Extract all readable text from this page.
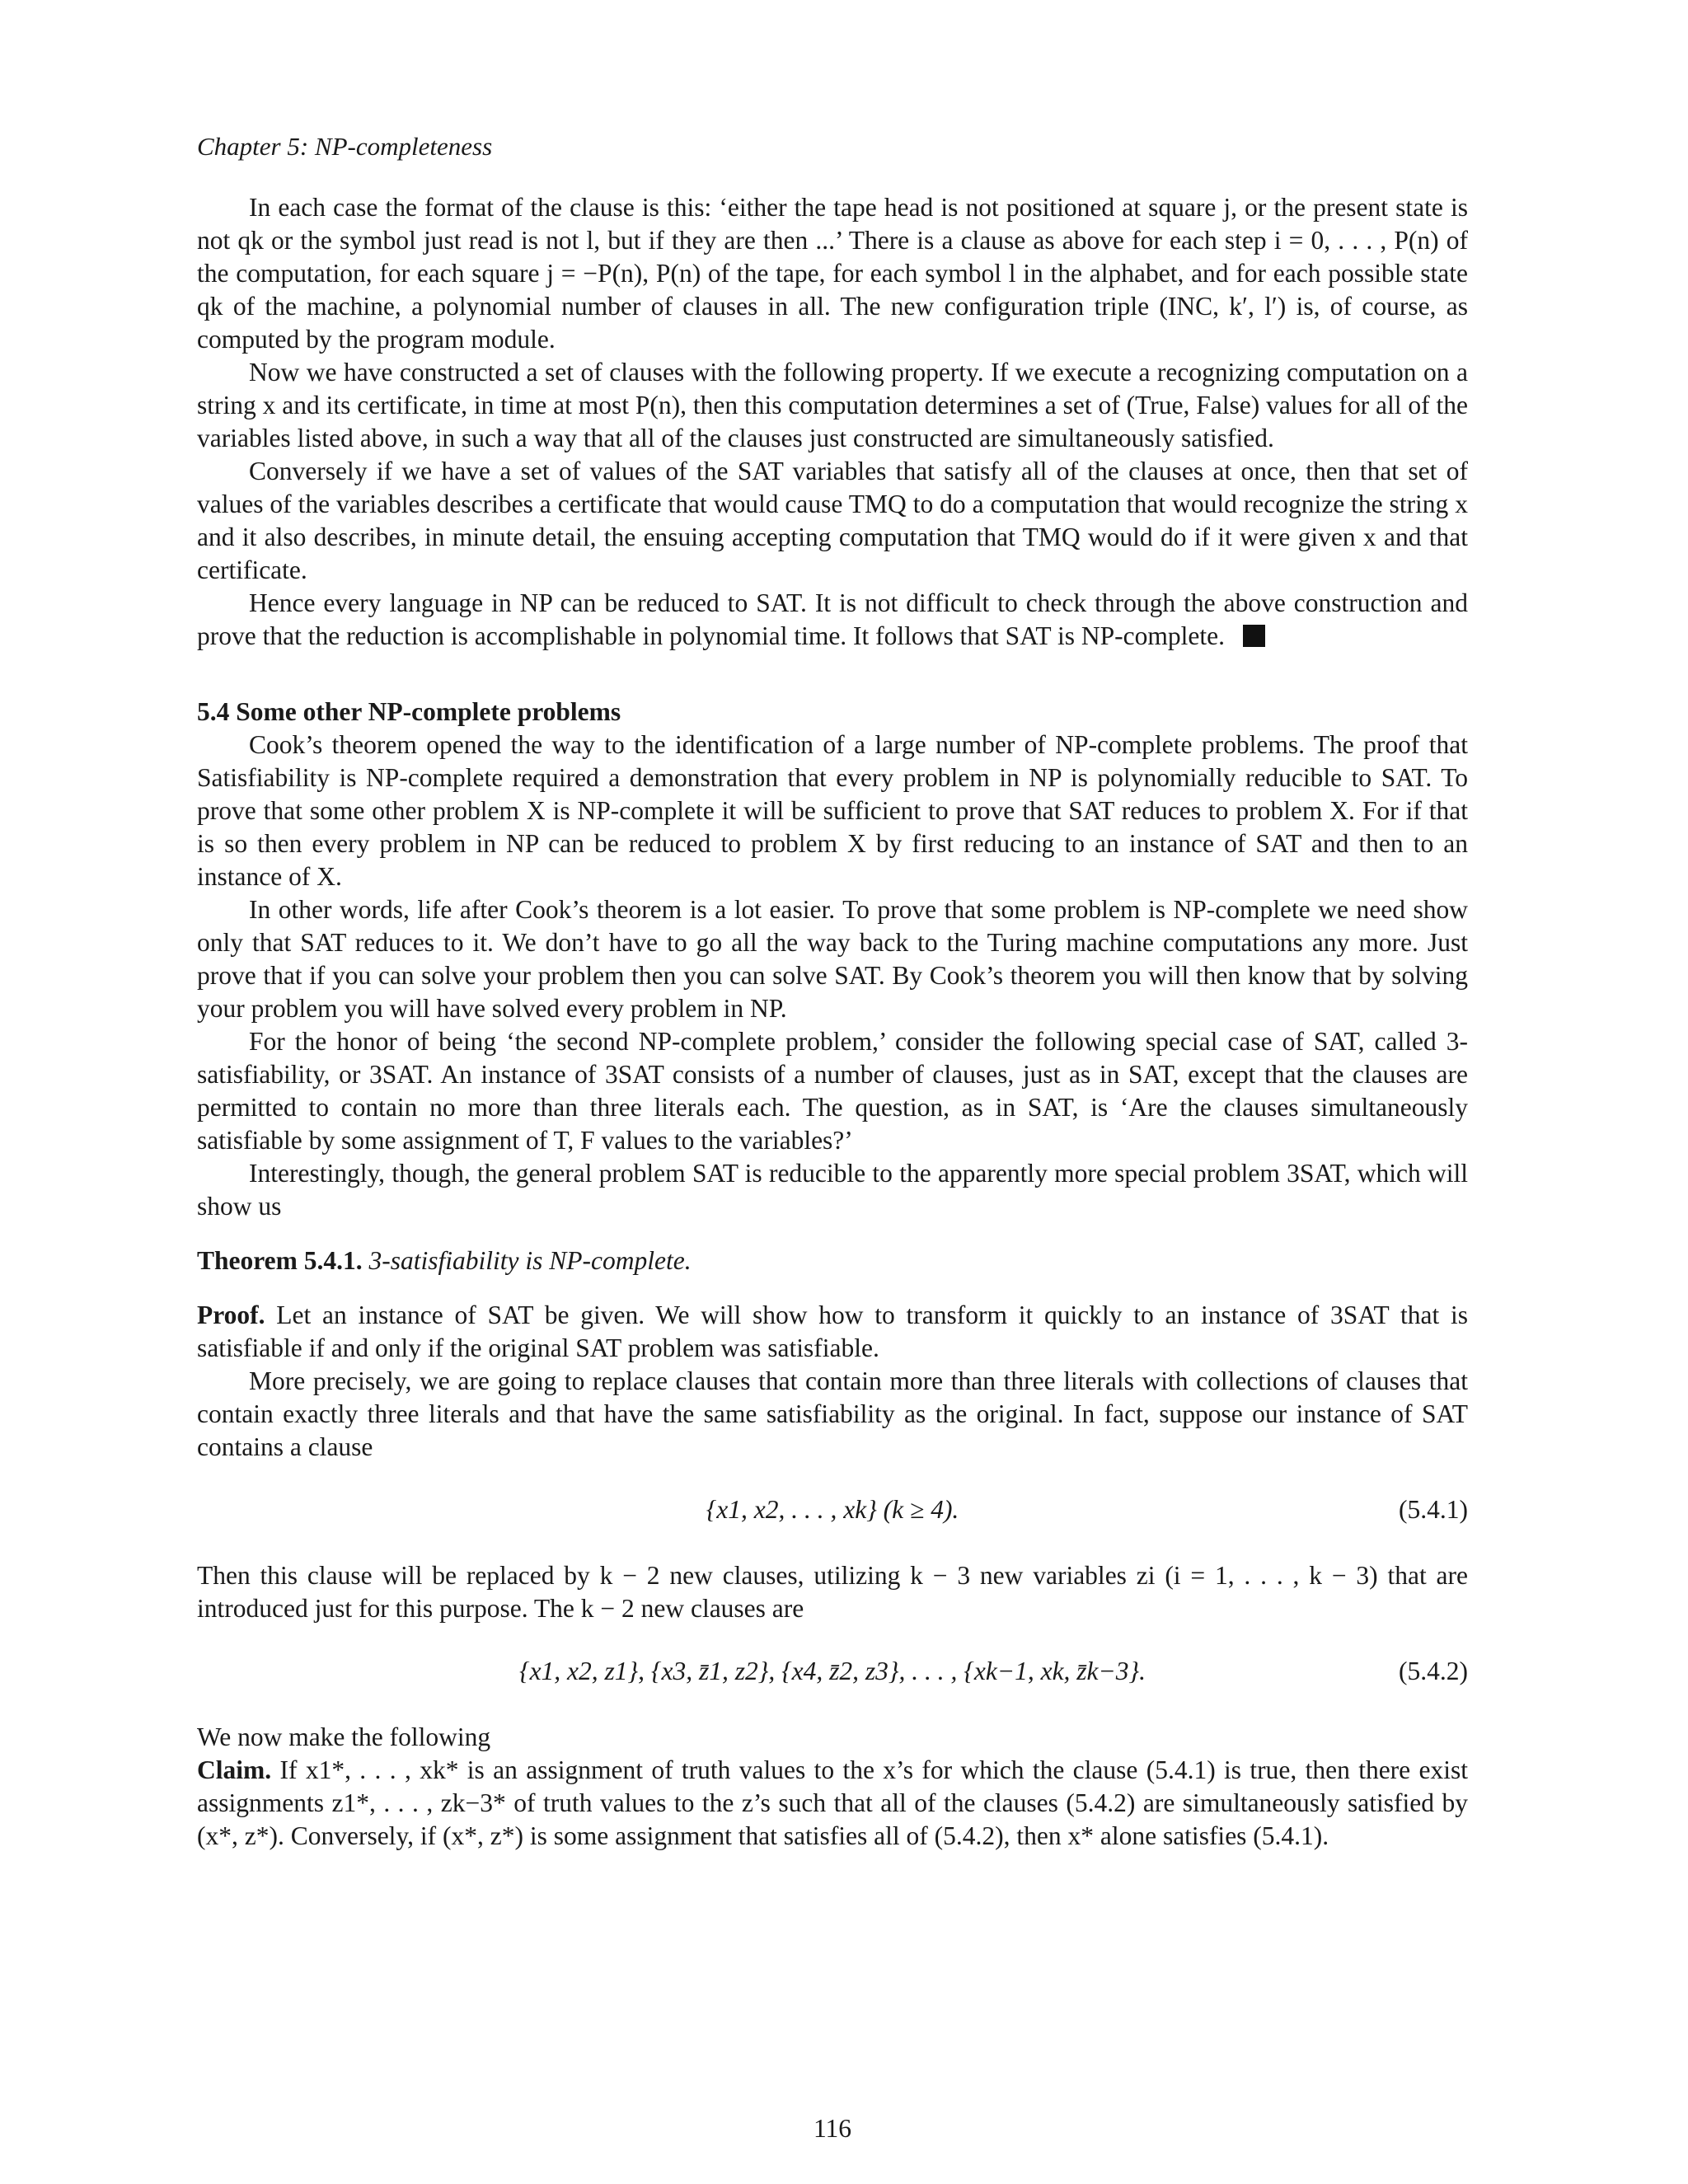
Chapter 5: NP-completeness

In each case the format of the clause is this: ‘either the tape head is not positioned at square j, or the present state is not qk or the symbol just read is not l, but if they are then ...’ There is a clause as above for each step i = 0, . . . , P(n) of the computation, for each square j = −P(n), P(n) of the tape, for each symbol l in the alphabet, and for each possible state qk of the machine, a polynomial number of clauses in all. The new configuration triple (INC, k′, l′) is, of course, as computed by the program module.

Now we have constructed a set of clauses with the following property. If we execute a recognizing computation on a string x and its certificate, in time at most P(n), then this computation determines a set of (True, False) values for all of the variables listed above, in such a way that all of the clauses just constructed are simultaneously satisfied.

Conversely if we have a set of values of the SAT variables that satisfy all of the clauses at once, then that set of values of the variables describes a certificate that would cause TMQ to do a computation that would recognize the string x and it also describes, in minute detail, the ensuing accepting computation that TMQ would do if it were given x and that certificate.

Hence every language in NP can be reduced to SAT. It is not difficult to check through the above construction and prove that the reduction is accomplishable in polynomial time. It follows that SAT is NP-complete.

5.4 Some other NP-complete problems

Cook’s theorem opened the way to the identification of a large number of NP-complete problems. The proof that Satisfiability is NP-complete required a demonstration that every problem in NP is polynomially reducible to SAT. To prove that some other problem X is NP-complete it will be sufficient to prove that SAT reduces to problem X. For if that is so then every problem in NP can be reduced to problem X by first reducing to an instance of SAT and then to an instance of X.

In other words, life after Cook’s theorem is a lot easier. To prove that some problem is NP-complete we need show only that SAT reduces to it. We don’t have to go all the way back to the Turing machine computations any more. Just prove that if you can solve your problem then you can solve SAT. By Cook’s theorem you will then know that by solving your problem you will have solved every problem in NP.

For the honor of being ‘the second NP-complete problem,’ consider the following special case of SAT, called 3-satisfiability, or 3SAT. An instance of 3SAT consists of a number of clauses, just as in SAT, except that the clauses are permitted to contain no more than three literals each. The question, as in SAT, is ‘Are the clauses simultaneously satisfiable by some assignment of T, F values to the variables?’

Interestingly, though, the general problem SAT is reducible to the apparently more special problem 3SAT, which will show us

Theorem 5.4.1. 3-satisfiability is NP-complete.

Proof. Let an instance of SAT be given. We will show how to transform it quickly to an instance of 3SAT that is satisfiable if and only if the original SAT problem was satisfiable.

More precisely, we are going to replace clauses that contain more than three literals with collections of clauses that contain exactly three literals and that have the same satisfiability as the original. In fact, suppose our instance of SAT contains a clause

{x1, x2, . . . , xk} (k ≥ 4).	(5.4.1)

Then this clause will be replaced by k − 2 new clauses, utilizing k − 3 new variables zi (i = 1, . . . , k − 3) that are introduced just for this purpose. The k − 2 new clauses are

{x1, x2, z1}, {x3, z̄1, z2}, {x4, z̄2, z3}, . . . , {xk−1, xk, z̄k−3}.	(5.4.2)

We now make the following

Claim. If x1*, . . . , xk* is an assignment of truth values to the x’s for which the clause (5.4.1) is true, then there exist assignments z1*, . . . , zk−3* of truth values to the z’s such that all of the clauses (5.4.2) are simultaneously satisfied by (x*, z*). Conversely, if (x*, z*) is some assignment that satisfies all of (5.4.2), then x* alone satisfies (5.4.1).

116
